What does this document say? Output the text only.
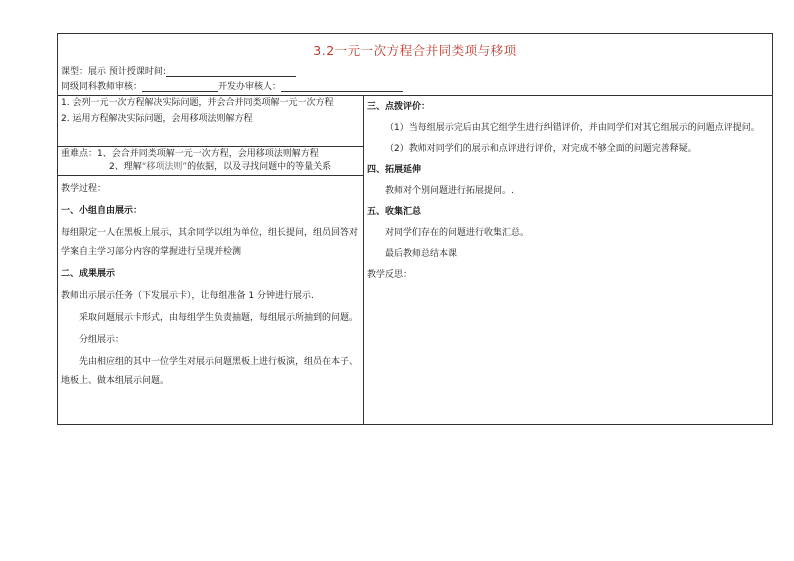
3.2一元一次方程合并同类项与移项
课型：展示 预计授课时间:
同级同科教师审核：	开发办审核人：
1. 会列一元一次方程解决实际问题，并会合并同类项解一元一次方程
2. 运用方程解决实际问题，会用移项法则解方程
重难点：1、会合并同类项解一元一次方程，会用移项法则解方程
2、理解“移项法则”的依据，以及寻找问题中的等量关系
教学过程：
一、小组自由展示：
每组限定一人在黑板上展示，其余同学以组为单位，组长提问，组员回答对学案自主学习部分内容的掌握进行呈现并检测
二、成果展示
教师出示展示任务（下发展示卡），让每组准备 1 分钟进行展示.
采取问题展示卡形式，由每组学生负责抽题，每组展示所抽到的问题。
分组展示：
先由相应组的其中一位学生对展示问题黑板上进行板演，组员在本子、地板上、做本组展示问题。
三、点拨评价：
（1）当每组展示完后由其它组学生进行纠错评价，并由同学们对其它组展示的问题点评提问。
（2）教师对同学们的展示和点评进行评价，对完成不够全面的问题完善释疑。
四、拓展延伸
教师对个别问题进行拓展提问。.
五、收集汇总
对同学们存在的问题进行收集汇总。
最后教师总结本课
教学反思：
